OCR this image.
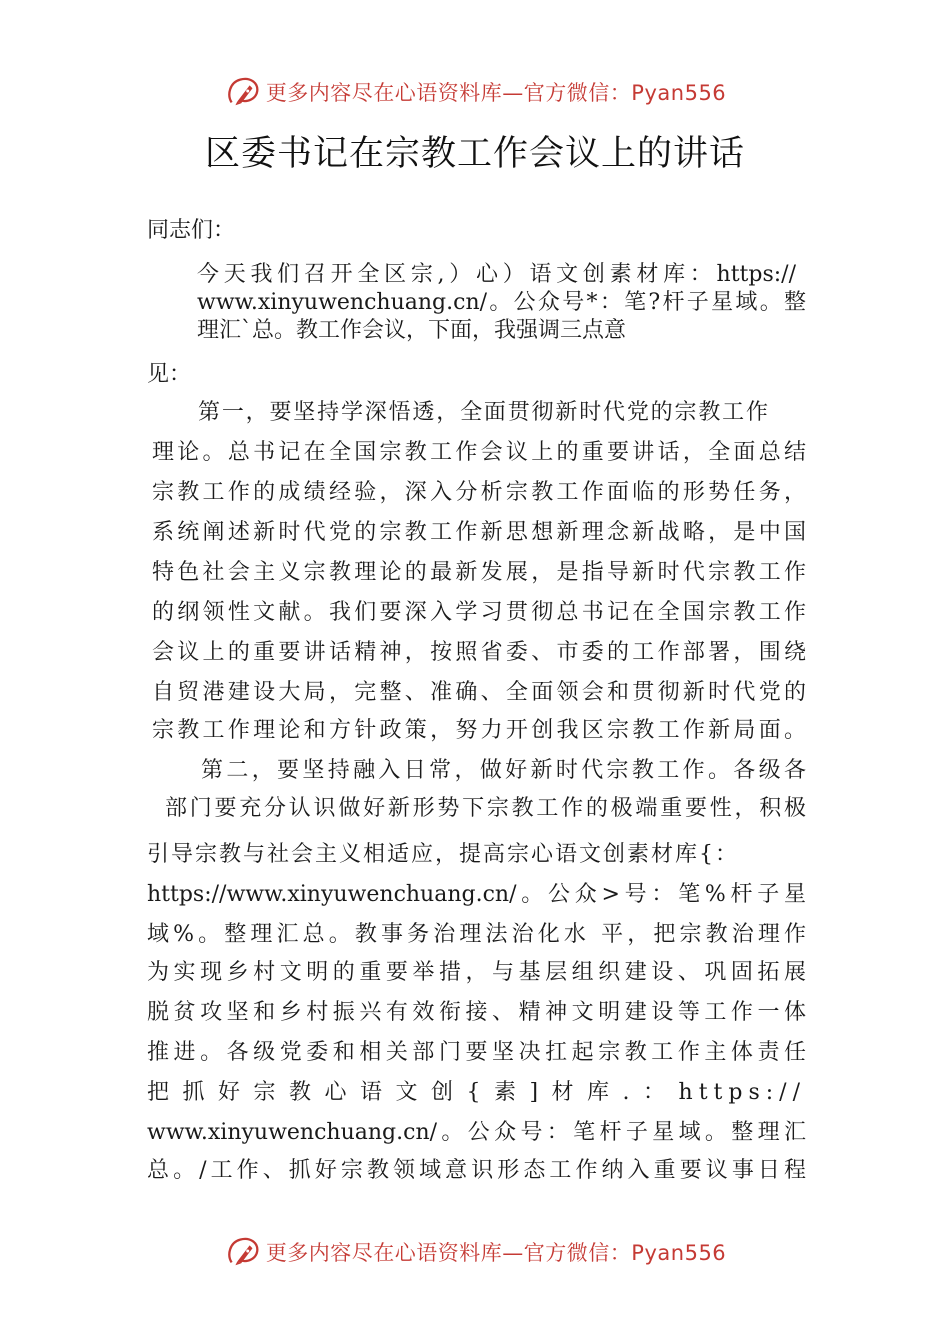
更多内容尽在心语资料库—官方微信：Pyan556
区委书记在宗教工作会议上的讲话
同志们：
今天我们召开全区宗,）心）语文创素材库：https://
www.xinyuwenchuang.cn/。公众号*：笔?杆子星域。整
理汇`总。教工作会议，下面，我强调三点意
见：
第一，要坚持学深悟透，全面贯彻新时代党的宗教工作
理论。总书记在全国宗教工作会议上的重要讲话，全面总结
宗教工作的成绩经验，深入分析宗教工作面临的形势任务，
系统阐述新时代党的宗教工作新思想新理念新战略，是中国
特色社会主义宗教理论的最新发展，是指导新时代宗教工作
的纲领性文献。我们要深入学习贯彻总书记在全国宗教工作
会议上的重要讲话精神，按照省委、市委的工作部署，围绕
自贸港建设大局，完整、准确、全面领会和贯彻新时代党的
宗教工作理论和方针政策，努力开创我区宗教工作新局面。
第二，要坚持融入日常，做好新时代宗教工作。各级各
部门要充分认识做好新形势下宗教工作的极端重要性，积极
引导宗教与社会主义相适应，提高宗心语文创素材库{：
https://www.xinyuwenchuang.cn/。公众>号：笔%杆子星
域%。整理汇总。教事务治理法治化水 平，把宗教治理作
为实现乡村文明的重要举措，与基层组织建设、巩固拓展
脱贫攻坚和乡村振兴有效衔接、精神文明建设等工作一体
推进。各级党委和相关部门要坚决扛起宗教工作主体责任
把抓好宗教心语文创{素]材库.：https://
www.xinyuwenchuang.cn/。公众号：笔杆子星域。整理汇
总。/工作、抓好宗教领域意识形态工作纳入重要议事日程
更多内容尽在心语资料库—官方微信：Pyan556
